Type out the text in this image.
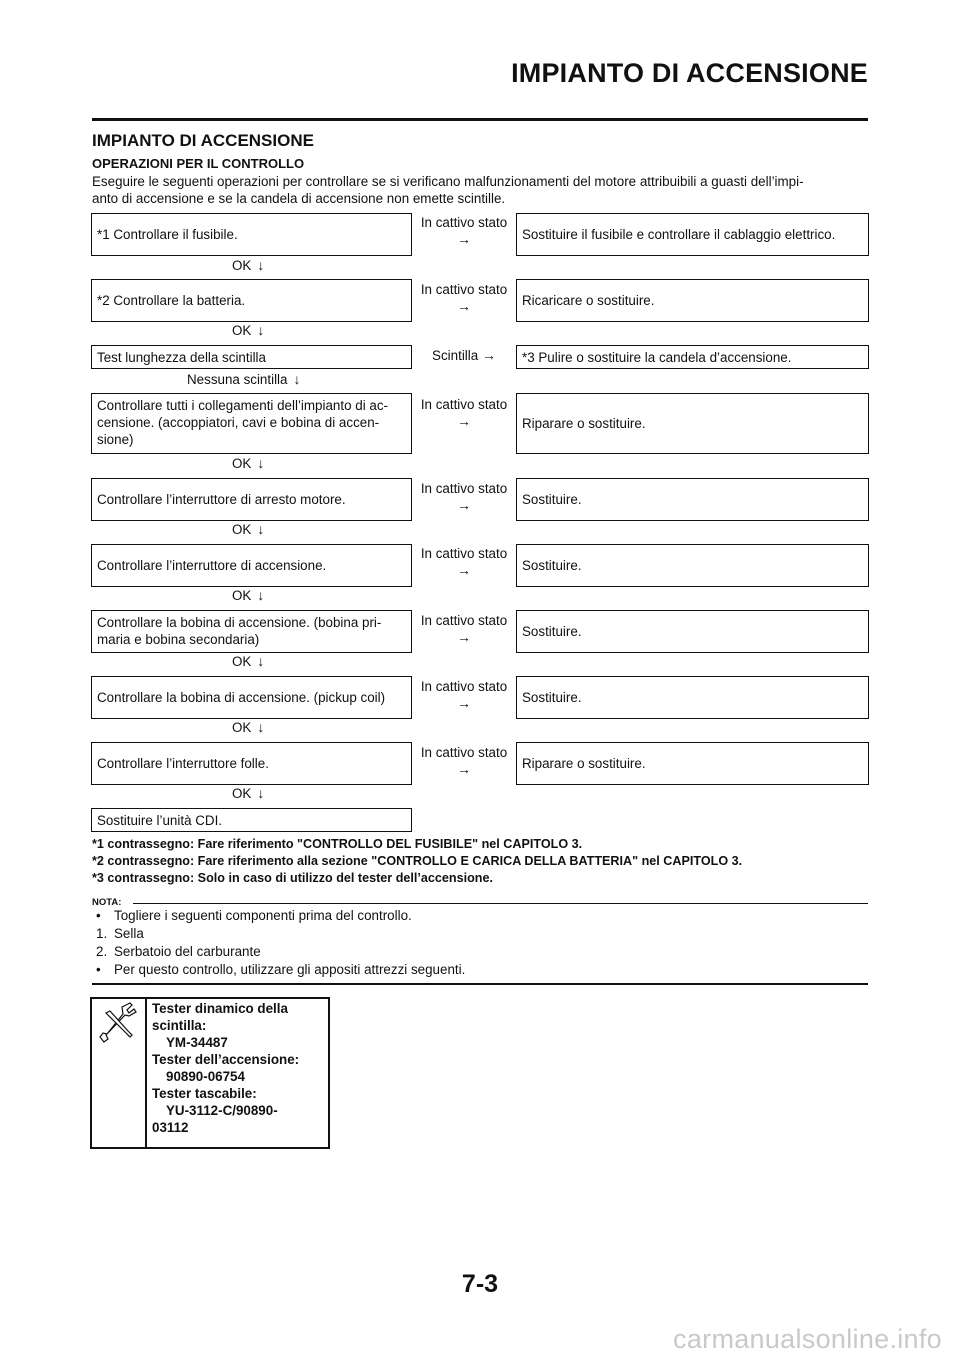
IMPIANTO DI ACCENSIONE
IMPIANTO DI ACCENSIONE
OPERAZIONI PER IL CONTROLLO
Eseguire le seguenti operazioni per controllare se si verificano malfunzionamenti del motore attribuibili a guasti dell’impi-
anto di accensione e se la candela di accensione non emette scintille.
*1 Controllare il fusibile.
In cattivo stato
→	Sostituire il fusibile e controllare il cablaggio elettrico.
OK ↓
*2 Controllare la batteria.
In cattivo stato
→	Ricaricare o sostituire.
OK ↓
Test lunghezza della scintilla	Scintilla →	*3 Pulire o sostituire la candela d’accensione.
Nessuna scintilla ↓
Controllare tutti i collegamenti dell’impianto di ac-
censione. (accoppiatori, cavi e bobina di accen-
sione)
In cattivo stato
→	Riparare o sostituire.
OK ↓
Controllare l’interruttore di arresto motore.
In cattivo stato
→	Sostituire.
OK ↓
Controllare l’interruttore di accensione.
In cattivo stato
→	Sostituire.
OK ↓
Controllare la bobina di accensione. (bobina pri-
maria e bobina secondaria)
In cattivo stato
→	Sostituire.
OK ↓
Controllare la bobina di accensione. (pickup coil)
In cattivo stato
→	Sostituire.
OK ↓
Controllare l’interruttore folle.
In cattivo stato
→	Riparare o sostituire.
OK ↓
Sostituire l’unità CDI.
*1 contrassegno: Fare riferimento "CONTROLLO DEL FUSIBILE" nel CAPITOLO 3.
*2 contrassegno: Fare riferimento alla sezione "CONTROLLO E CARICA DELLA BATTERIA" nel CAPITOLO 3.
*3 contrassegno: Solo in caso di utilizzo del tester dell’accensione.
NOTA:
• Togliere i seguenti componenti prima del controllo.
1. Sella
2. Serbatoio del carburante
• Per questo controllo, utilizzare gli appositi attrezzi seguenti.
Tester dinamico della
scintilla:
YM-34487
Tester dell’accensione:
90890-06754
Tester tascabile:
YU-3112-C/90890-
03112
7-3
carmanualsonline.info
